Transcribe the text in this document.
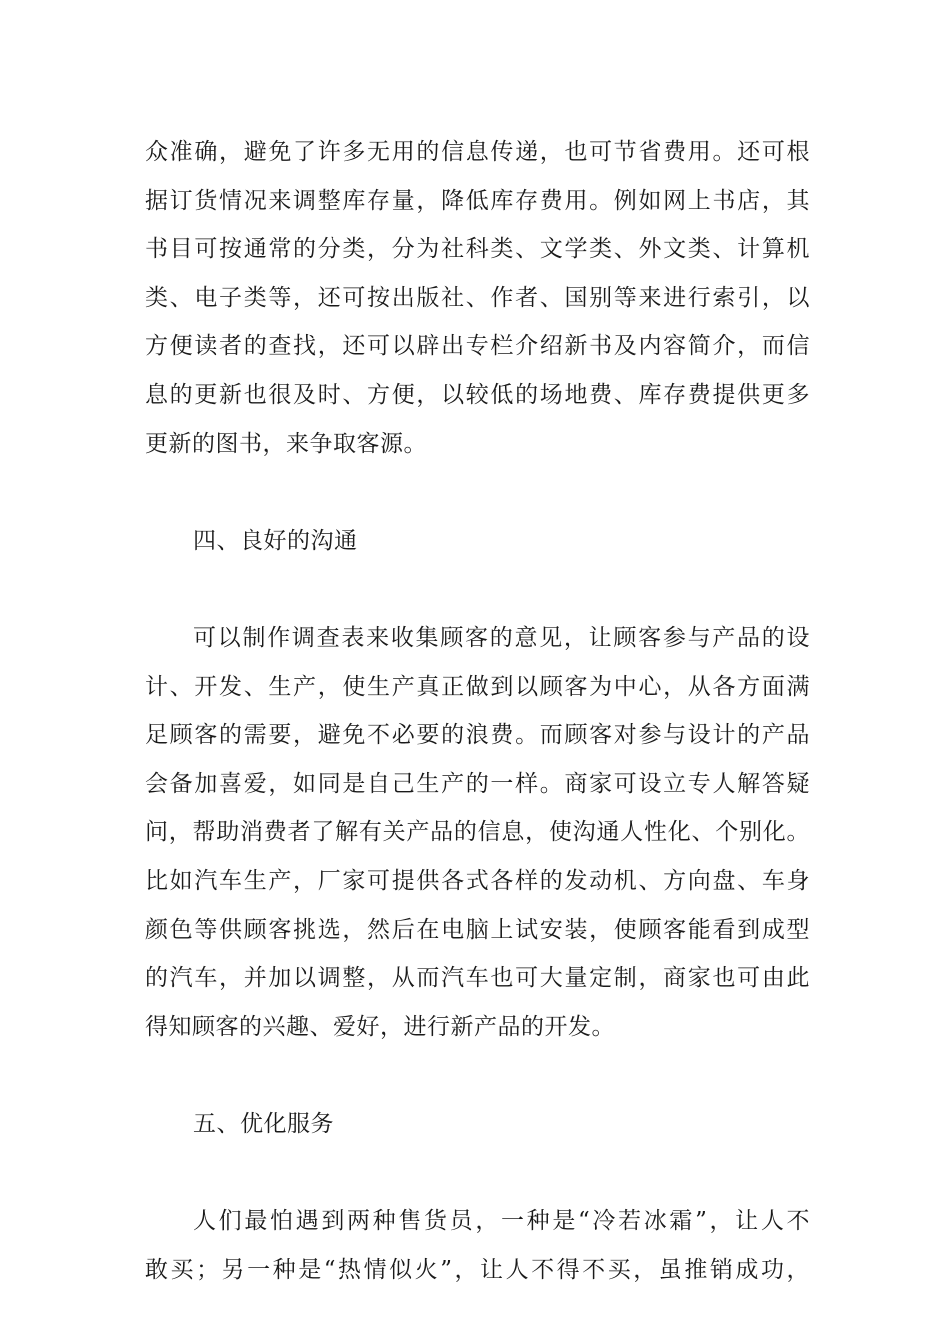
众准确，避免了许多无用的信息传递，也可节省费用。还可根
据订货情况来调整库存量，降低库存费用。例如网上书店，其
书目可按通常的分类，分为社科类、文学类、外文类、计算机
类、电子类等，还可按出版社、作者、国别等来进行索引，以
方便读者的查找，还可以辟出专栏介绍新书及内容简介，而信
息的更新也很及时、方便，以较低的场地费、库存费提供更多
更新的图书，来争取客源。
四、良好的沟通
可以制作调查表来收集顾客的意见，让顾客参与产品的设
计、开发、生产，使生产真正做到以顾客为中心，从各方面满
足顾客的需要，避免不必要的浪费。而顾客对参与设计的产品
会备加喜爱，如同是自己生产的一样。商家可设立专人解答疑
问，帮助消费者了解有关产品的信息，使沟通人性化、个别化。
比如汽车生产，厂家可提供各式各样的发动机、方向盘、车身
颜色等供顾客挑选，然后在电脑上试安装，使顾客能看到成型
的汽车，并加以调整，从而汽车也可大量定制，商家也可由此
得知顾客的兴趣、爱好，进行新产品的开发。
五、优化服务
人们最怕遇到两种售货员，一种是“冷若冰霜”，让人不
敢买；另一种是“热情似火”，让人不得不买，虽推销成功，
